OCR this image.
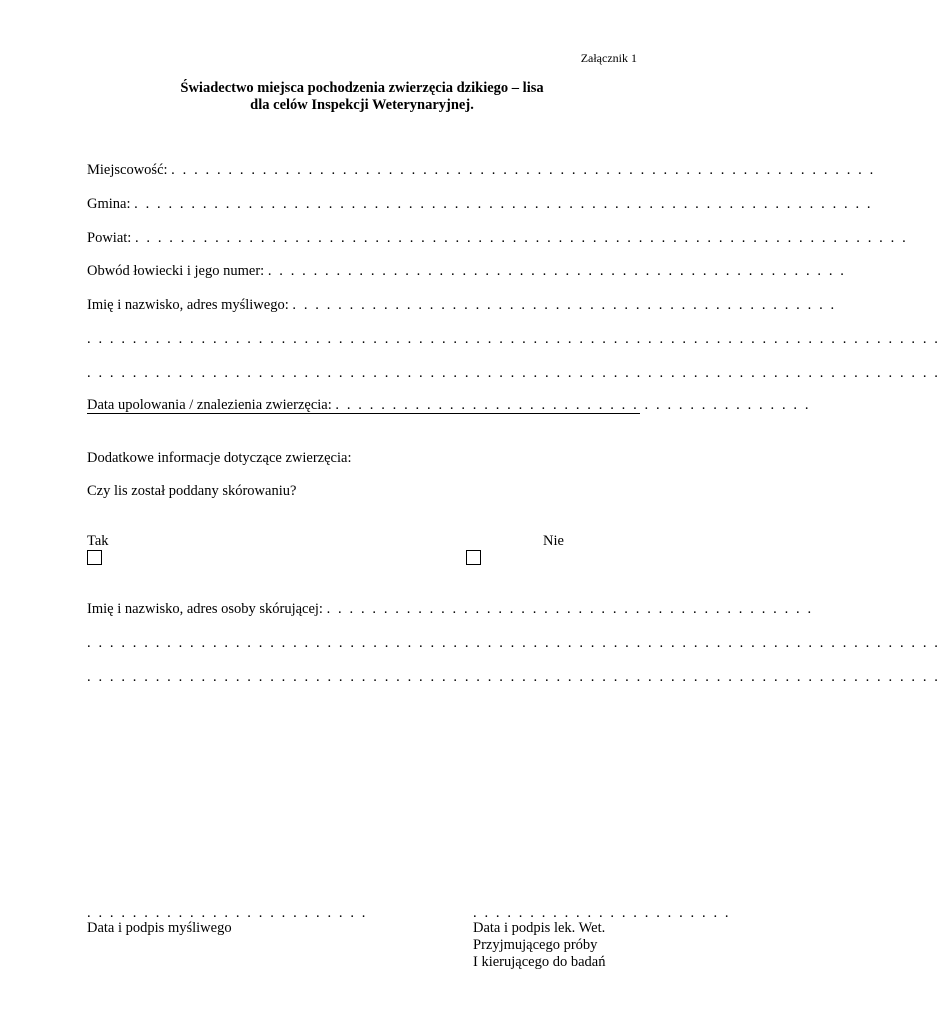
Załącznik 1
Świadectwo miejsca pochodzenia zwierzęcia dzikiego – lisa
dla celów Inspekcji Weterynaryjnej.
Miejscowość: . . . . . . . . . . . . . . . . . . . . . . . . . . . . . . . . . . . . . . . . . . . . . . . . . . . . . . . . . . . . . .
Gmina: . . . . . . . . . . . . . . . . . . . . . . . . . . . . . . . . . . . . . . . . . . . . . . . . . . . . . . . . . . . . . . . . .
Powiat: . . . . . . . . . . . . . . . . . . . . . . . . . . . . . . . . . . . . . . . . . . . . . . . . . . . . . . . . . . . . . . . . . . . .
Obwód łowiecki i jego numer: . . . . . . . . . . . . . . . . . . . . . . . . . . . . . . . . . . . . . . . . . . . . . . . . . . .
Imię i nazwisko, adres myśliwego: . . . . . . . . . . . . . . . . . . . . . . . . . . . . . . . . . . . . . . . . . . . . . . . .
. . . . . . . . . . . . . . . . . . . . . . . . . . . . . . . . . . . . . . . . . . . . . . . . . . . . . . . . . . . . . . . . . . . . . . . . . . .
. . . . . . . . . . . . . . . . . . . . . . . . . . . . . . . . . . . . . . . . . . . . . . . . . . . . . . . . . . . . . . . . . . . . . . . . . . .
Data upolowania / znalezienia zwierzęcia: . . . . . . . . . . . . . . . . . . . . . . . . . . . . . . . . . . . . . . . . . .
Dodatkowe informacje dotyczące zwierzęcia:
Czy lis został poddany skórowaniu?
Tak	Nie
Imię i nazwisko, adres osoby skórującej: . . . . . . . . . . . . . . . . . . . . . . . . . . . . . . . . . . . . . . . . . . .
. . . . . . . . . . . . . . . . . . . . . . . . . . . . . . . . . . . . . . . . . . . . . . . . . . . . . . . . . . . . . . . . . . . . . . . . . . .
. . . . . . . . . . . . . . . . . . . . . . . . . . . . . . . . . . . . . . . . . . . . . . . . . . . . . . . . . . . . . . . . . . . . . . . . . . .
. . . . . . . . . . . . . . . . . . . . . . . . .
Data i podpis myśliwego
. . . . . . . . . . . . . . . . . . . . . . .
Data i podpis lek. Wet.
Przyjmującego próby
I kierującego do badań
